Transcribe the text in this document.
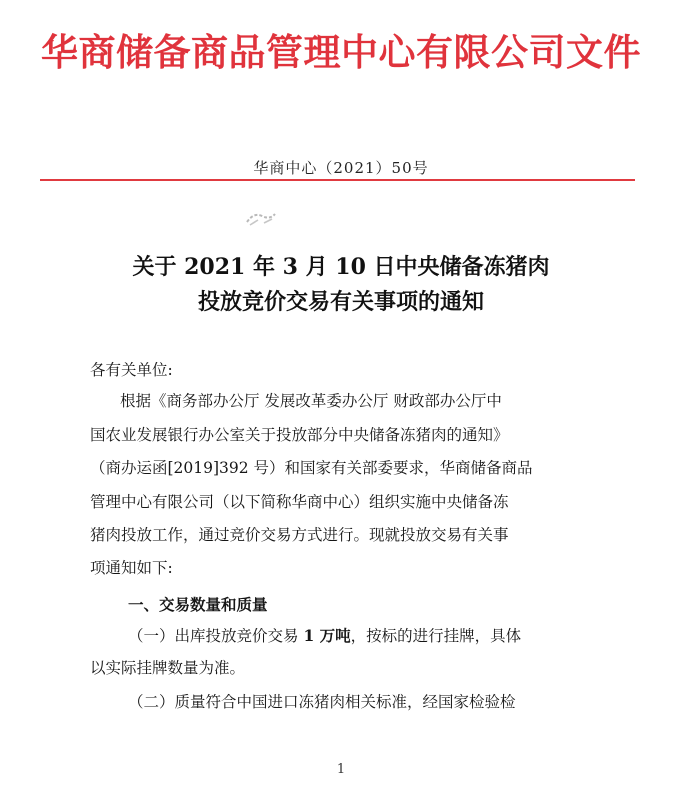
华商储备商品管理中心有限公司文件
华商中心（2021）50号
关于 2021 年 3 月 10 日中央储备冻猪肉
投放竞价交易有关事项的通知
各有关单位:
根据《商务部办公厅 发展改革委办公厅 财政部办公厅中
国农业发展银行办公室关于投放部分中央储备冻猪肉的通知》
（商办运函[2019]392 号）和国家有关部委要求，华商储备商品
管理中心有限公司（以下简称华商中心）组织实施中央储备冻
猪肉投放工作，通过竞价交易方式进行。现就投放交易有关事
项通知如下:
一、交易数量和质量
（一）出库投放竞价交易 1 万吨，按标的进行挂牌，具体
以实际挂牌数量为准。
（二）质量符合中国进口冻猪肉相关标准，经国家检验检
1
